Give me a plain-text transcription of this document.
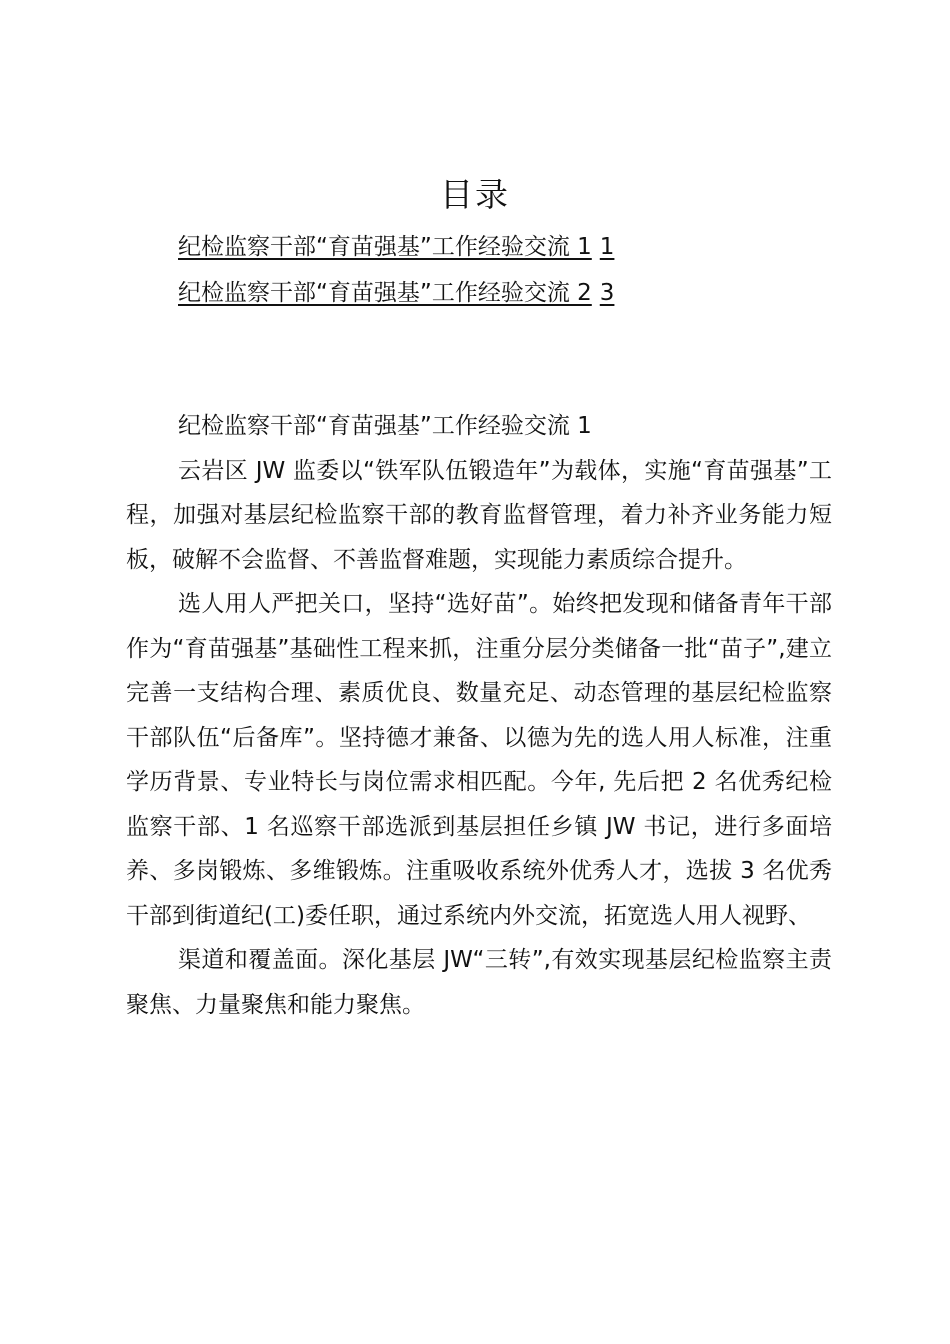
目录
纪检监察干部“育苗强基”工作经验交流 1 1
纪检监察干部“育苗强基”工作经验交流 2 3

纪检监察干部“育苗强基”工作经验交流 1

云岩区 JW 监委以“铁军队伍锻造年”为载体，实施“育苗强基”工程，加强对基层纪检监察干部的教育监督管理，着力补齐业务能力短板，破解不会监督、不善监督难题，实现能力素质综合提升。

选人用人严把关口，坚持“选好苗”。始终把发现和储备青年干部作为“育苗强基”基础性工程来抓，注重分层分类储备一批“苗子”,建立完善一支结构合理、素质优良、数量充足、动态管理的基层纪检监察干部队伍“后备库”。坚持德才兼备、以德为先的选人用人标准，注重学历背景、专业特长与岗位需求相匹配。今年, 先后把 2 名优秀纪检监察干部、1 名巡察干部选派到基层担任乡镇 JW 书记，进行多面培养、多岗锻炼、多维锻炼。注重吸收系统外优秀人才，选拔 3 名优秀干部到街道纪(工)委任职，通过系统内外交流，拓宽选人用人视野、

渠道和覆盖面。深化基层 JW“三转”,有效实现基层纪检监察主责聚焦、力量聚焦和能力聚焦。
